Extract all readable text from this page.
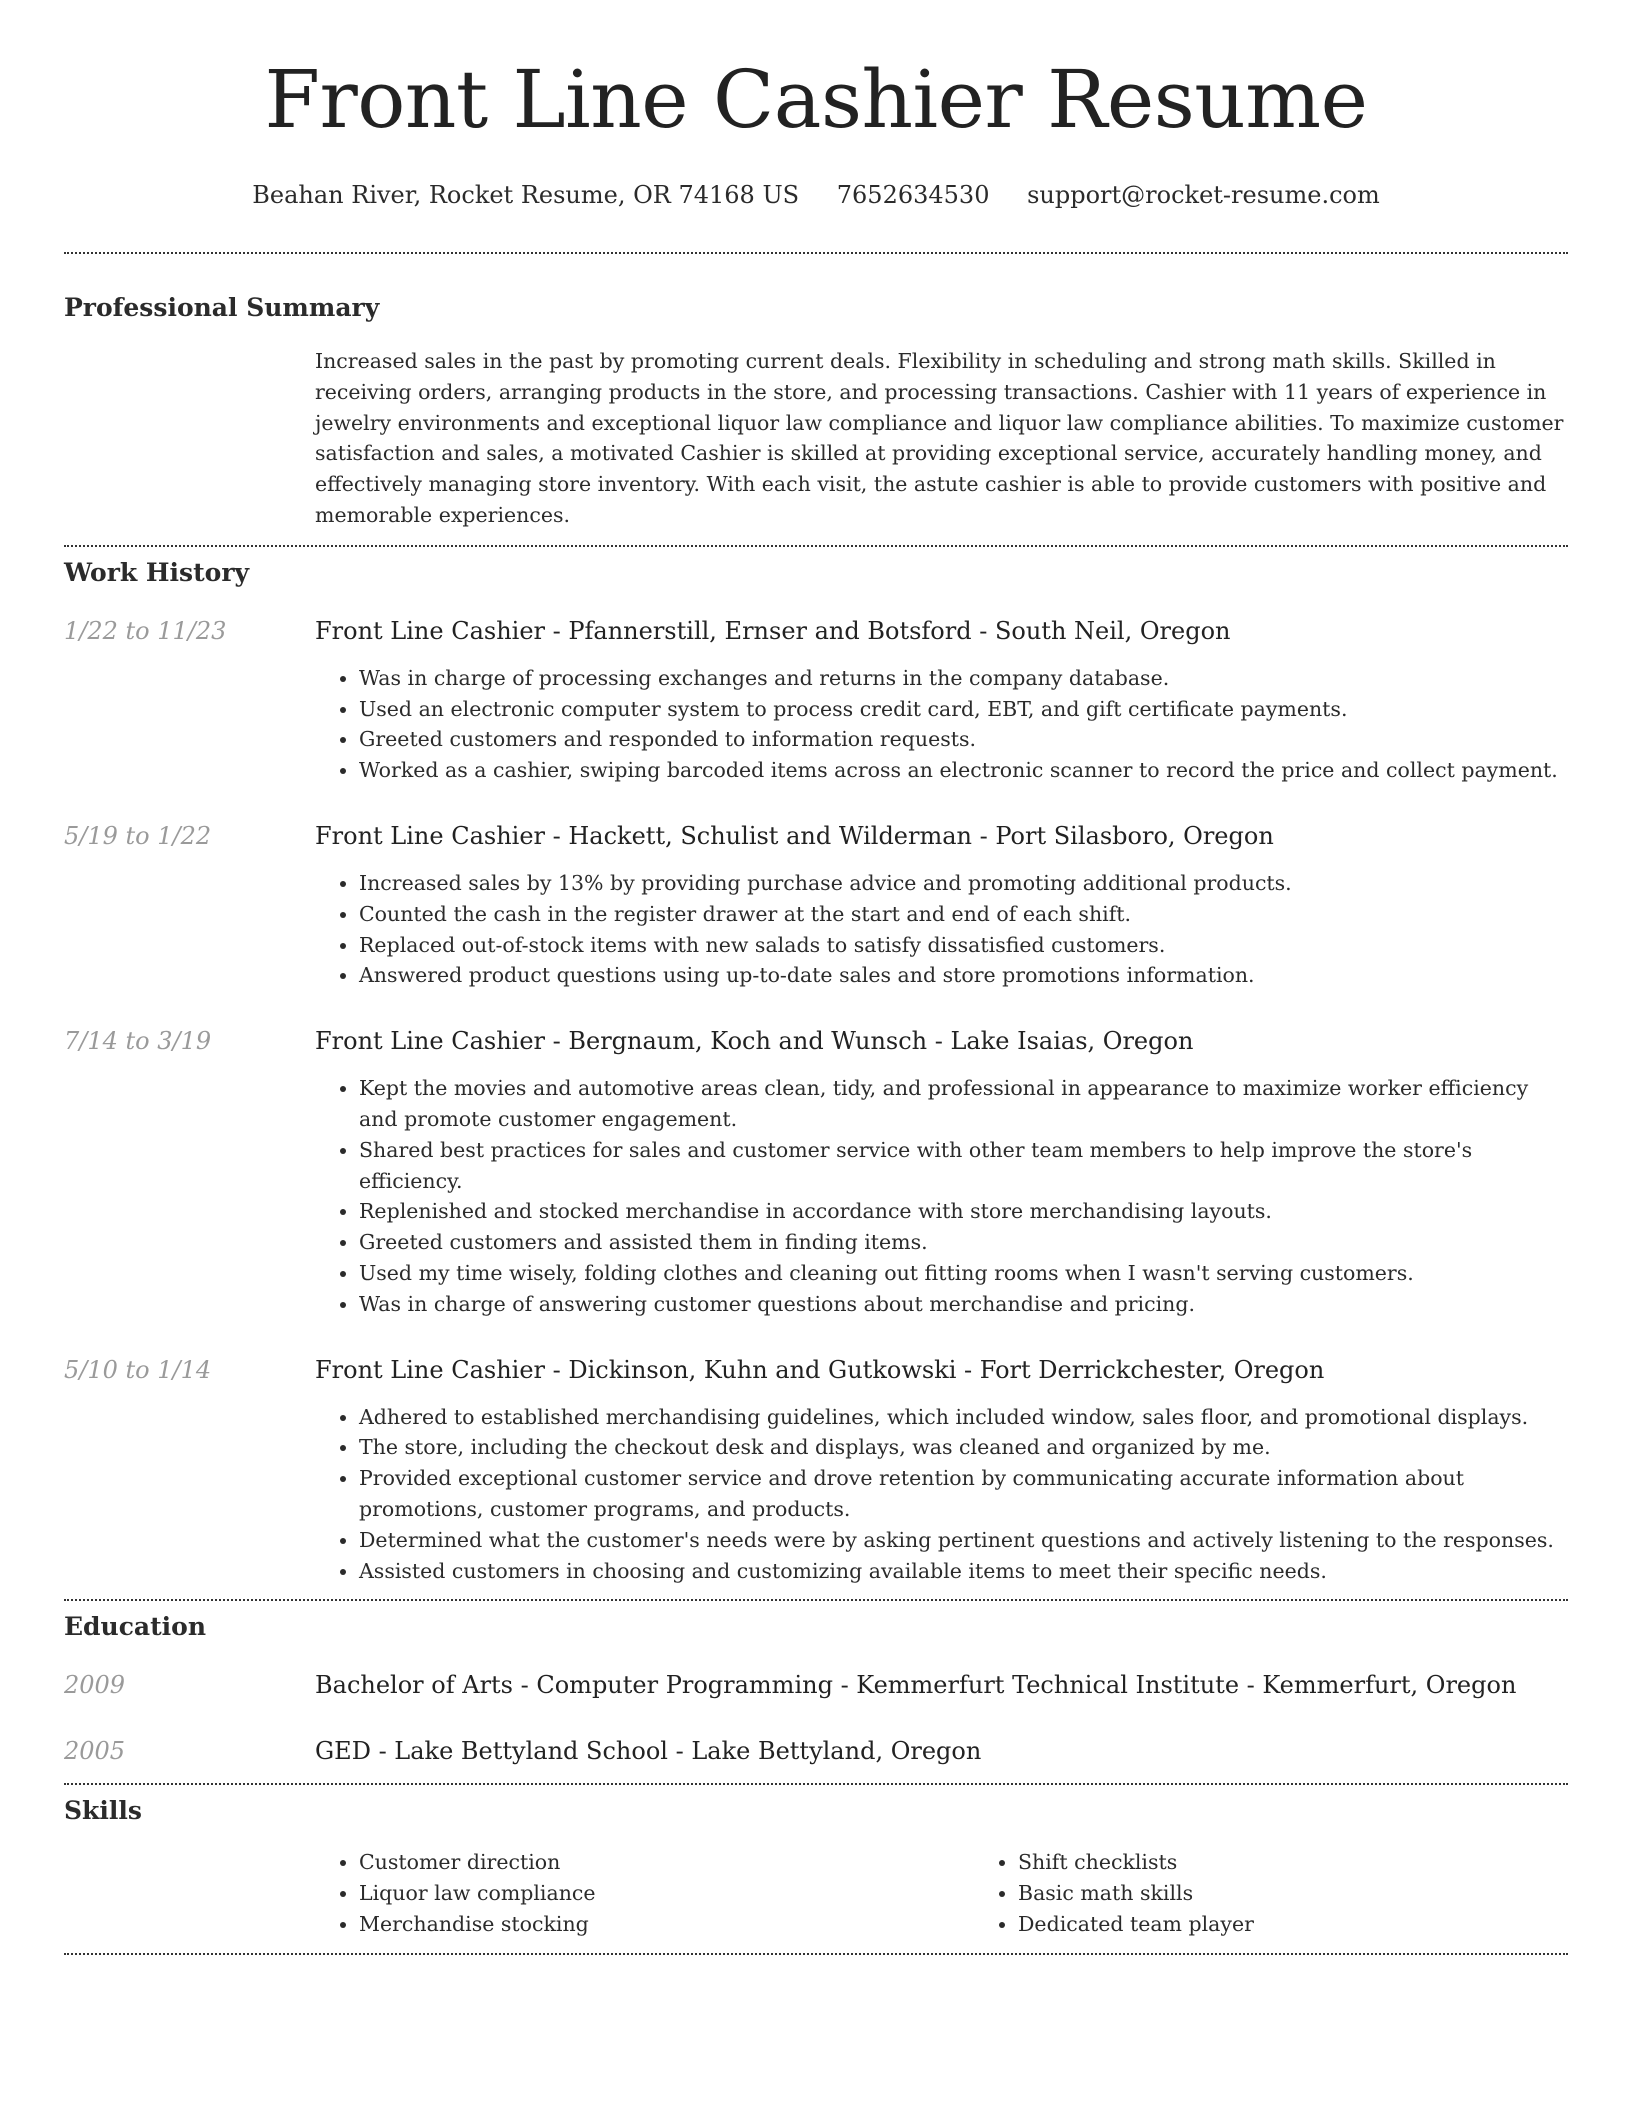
Front Line Cashier Resume
Beahan River, Rocket Resume, OR 74168 US 7652634530 support@rocket-resume.com
Professional Summary

Increased sales in the past by promoting current deals. Flexibility in scheduling and strong math skills. Skilled in receiving orders, arranging products in the store, and processing transactions. Cashier with 11 years of experience in jewelry environments and exceptional liquor law compliance and liquor law compliance abilities. To maximize customer satisfaction and sales, a motivated Cashier is skilled at providing exceptional service, accurately handling money, and effectively managing store inventory. With each visit, the astute cashier is able to provide customers with positive and memorable experiences.

Work History
1/22 to 11/23	Front Line Cashier - Pfannerstill, Ernser and Botsford - South Neil, Oregon
• Was in charge of processing exchanges and returns in the company database.
• Used an electronic computer system to process credit card, EBT, and gift certificate payments.
• Greeted customers and responded to information requests.
• Worked as a cashier, swiping barcoded items across an electronic scanner to record the price and collect payment.
5/19 to 1/22	Front Line Cashier - Hackett, Schulist and Wilderman - Port Silasboro, Oregon
• Increased sales by 13% by providing purchase advice and promoting additional products.
• Counted the cash in the register drawer at the start and end of each shift.
• Replaced out-of-stock items with new salads to satisfy dissatisfied customers.
• Answered product questions using up-to-date sales and store promotions information.
7/14 to 3/19	Front Line Cashier - Bergnaum, Koch and Wunsch - Lake Isaias, Oregon
• Kept the movies and automotive areas clean, tidy, and professional in appearance to maximize worker efficiency and promote customer engagement.
• Shared best practices for sales and customer service with other team members to help improve the store's efficiency.
• Replenished and stocked merchandise in accordance with store merchandising layouts.
• Greeted customers and assisted them in finding items.
• Used my time wisely, folding clothes and cleaning out fitting rooms when I wasn't serving customers.
• Was in charge of answering customer questions about merchandise and pricing.
5/10 to 1/14	Front Line Cashier - Dickinson, Kuhn and Gutkowski - Fort Derrickchester, Oregon
• Adhered to established merchandising guidelines, which included window, sales floor, and promotional displays.
• The store, including the checkout desk and displays, was cleaned and organized by me.
• Provided exceptional customer service and drove retention by communicating accurate information about promotions, customer programs, and products.
• Determined what the customer's needs were by asking pertinent questions and actively listening to the responses.
• Assisted customers in choosing and customizing available items to meet their specific needs.
Education
2009	Bachelor of Arts - Computer Programming - Kemmerfurt Technical Institute - Kemmerfurt, Oregon
2005	GED - Lake Bettyland School - Lake Bettyland, Oregon
Skills
• Customer direction
• Liquor law compliance
• Merchandise stocking
• Shift checklists
• Basic math skills
• Dedicated team player
